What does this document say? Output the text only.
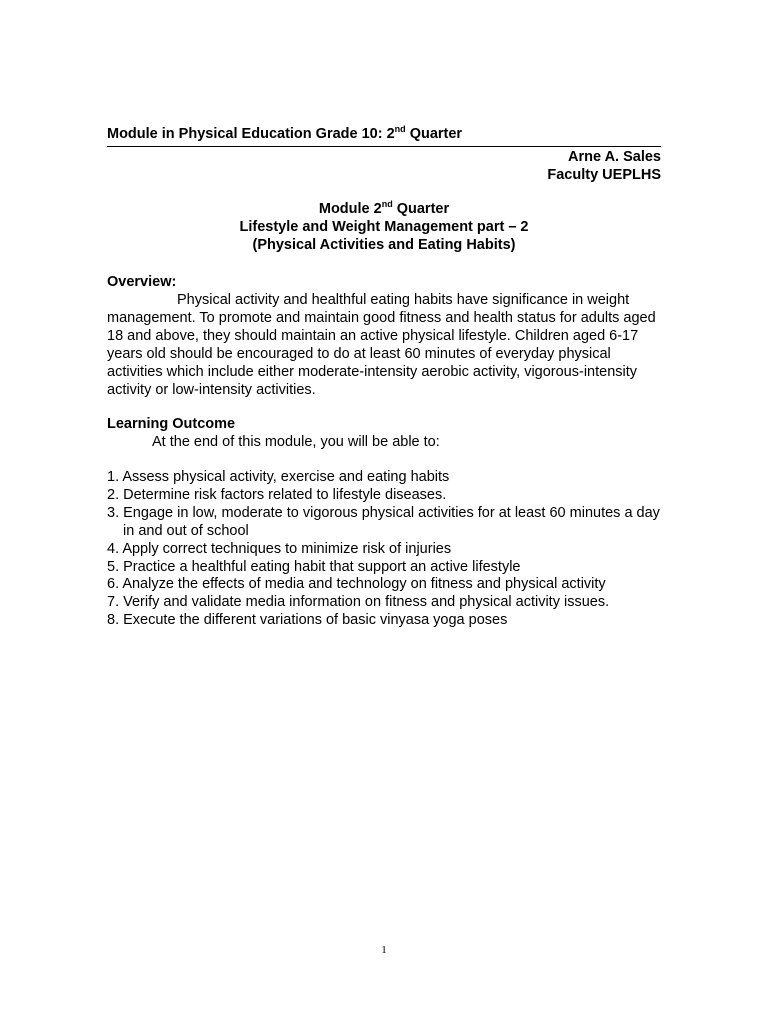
Module in Physical Education Grade 10: 2nd Quarter
Arne A. Sales
Faculty UEPLHS
Module 2nd Quarter
Lifestyle and Weight Management part – 2
(Physical Activities and Eating Habits)
Overview:
Physical activity and healthful eating habits have significance in weight management. To promote and maintain good fitness and health status for adults aged 18 and above, they should maintain an active physical lifestyle. Children aged 6-17 years old should be encouraged to do at least 60 minutes of everyday physical activities which include either moderate-intensity aerobic activity, vigorous-intensity activity or low-intensity activities.
Learning Outcome
At the end of this module, you will be able to:
1. Assess physical activity, exercise and eating habits
2. Determine risk factors related to lifestyle diseases.
3. Engage in low, moderate to vigorous physical activities for at least 60 minutes a day in and out of school
4. Apply correct techniques to minimize risk of injuries
5. Practice a healthful eating habit that support an active lifestyle
6. Analyze the effects of media and technology on fitness and physical activity
7. Verify and validate media information on fitness and physical activity issues.
8. Execute the different variations of basic vinyasa yoga poses
1
